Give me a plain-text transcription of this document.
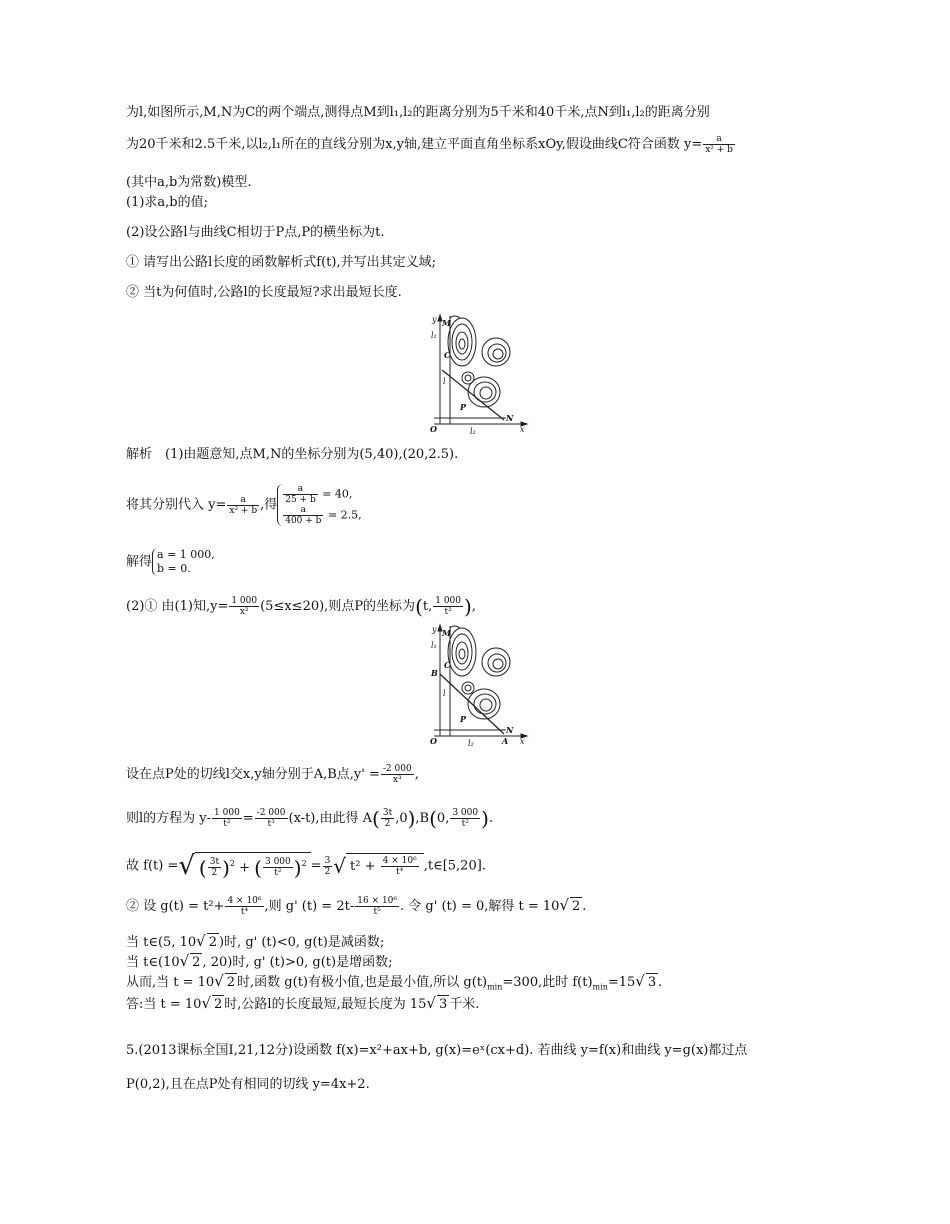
为l,如图所示,M,N为C的两个端点,测得点M到l₁,l₂的距离分别为5千米和40千米,点N到l₁,l₂的距离分别
为20千米和2.5千米,以l₂,l₁所在的直线分别为x,y轴,建立平面直角坐标系xOy,假设曲线C符合函数 $y= \frac{a}{\text{x² + b}}$
(其中a,b为常数)模型.
(1)求a,b的值;
(2)设公路l与曲线C相切于P点,P的横坐标为t.
① 请写出公路l长度的函数解析式f(t),并写出其定义域;
② 当t为何值时,公路l的长度最短?求出最短长度.
y M
l₁
C
l
P
N
O	l₂	x
解析　(1)由题意知,点M,N的坐标分别为(5,40),(20,2.5).
将其分别代入 $y= \frac{a}{\text{x² + b}}$ ,得 $\frac{a}{25 + b} = 40$,
$\frac{a}{400 + b} = 2.5$,
解得 a = 1 000,
b = 0.
(2)① 由(1)知$,y= \frac{1 000}{\text{x²}} (5\le x\le 20)$,则点P的坐标为(t, $\frac{1 000}{\text{t²}}$ ),
y M
l₁
C
B
l
P
N
O	l₂	A x
设在点P处的切线l交x,y轴分别于A,B点$,y' = \frac{-2 000}{\text{x³}}$ ,
则l的方程为 $y- \frac{1 000}{\text{t²}} = \frac{-2 000}{\text{t³}} (x-t)$,由此得 $A( \frac{3t}{2} ,0),B(0$, $\frac{3 000}{\text{t²}}$ ).
故 f(t) =√ ( $\frac{3t}{2} )^2$ + ( $\frac{3 000}{\text{t²}} )^2 = \frac{3}{2}$ √ $t^2 + \frac{\text{4 × 10⁶}}{\text{t⁴}}$ ,t∈[5,20].
② 设 $g(t) = t^2+ \frac{\text{4 × 10⁶}}{\text{t⁴}}$ ,则 g' $(t) = 2t- \frac{\text{16 × 10⁶}}{\text{t⁵}}$ . 令 g' (t) = 0,解得 t = 10√ 2 .
当 t∈(5, 10√ 2 )时, g' (t)<0, g(t)是减函数;
当 t∈(10√ 2 , 20)时, g' (t)>0, g(t)是增函数;
从而,当 t = 10√ 2 时,函数 g(t)有极小值,也是最小值,所以 $g(t)_{min}=300$,此时 $f(t)_{min}=15√$ 3 .
答:当 t = 10√ 2 时,公路l的长度最短,最短长度为 15√ 3 千米.
5.(2013课标全国Ⅰ,21,12分)设函数 f(x)=x²+ax+b, g(x)=eˣ(cx+d). 若曲线 y=f(x)和曲线 y=g(x)都过点
P(0,2),且在点P处有相同的切线 y=4x+2.
